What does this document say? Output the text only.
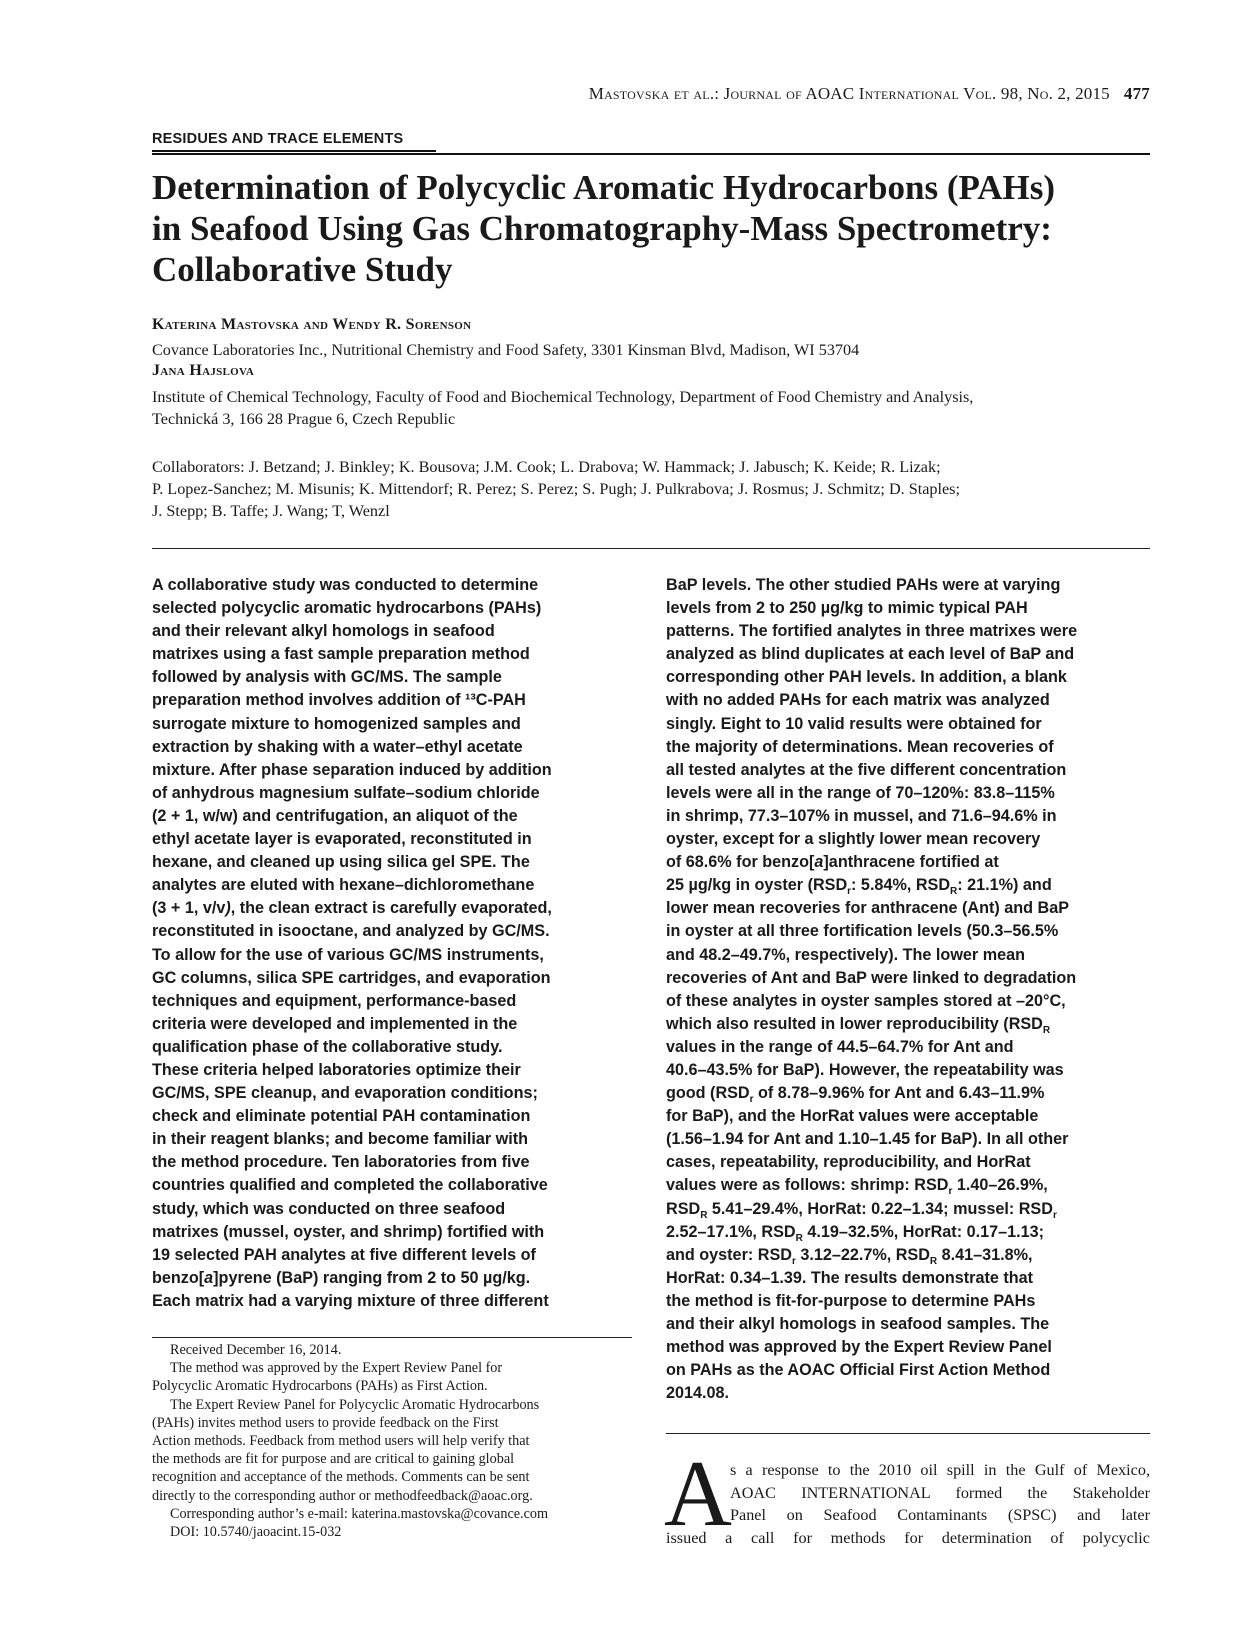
Mastovska et al.: Journal of AOAC International Vol. 98, No. 2, 2015 477
RESIDUES AND TRACE ELEMENTS
Determination of Polycyclic Aromatic Hydrocarbons (PAHs)
in Seafood Using Gas Chromatography-Mass Spectrometry:
Collaborative Study
Katerina Mastovska and Wendy R. Sorenson
Covance Laboratories Inc., Nutritional Chemistry and Food Safety, 3301 Kinsman Blvd, Madison, WI 53704
Jana Hajslova
Institute of Chemical Technology, Faculty of Food and Biochemical Technology, Department of Food Chemistry and Analysis,
Technická 3, 166 28 Prague 6, Czech Republic
Collaborators: J. Betzand; J. Binkley; K. Bousova; J.M. Cook; L. Drabova; W. Hammack; J. Jabusch; K. Keide; R. Lizak;
P. Lopez-Sanchez; M. Misunis; K. Mittendorf; R. Perez; S. Perez; S. Pugh; J. Pulkrabova; J. Rosmus; J. Schmitz; D. Staples;
J. Stepp; B. Taffe; J. Wang; T, Wenzl
A collaborative study was conducted to determine
selected polycyclic aromatic hydrocarbons (PAHs)
and their relevant alkyl homologs in seafood
matrixes using a fast sample preparation method
followed by analysis with GC/MS. The sample
preparation method involves addition of ¹³C-PAH
surrogate mixture to homogenized samples and
extraction by shaking with a water–ethyl acetate
mixture. After phase separation induced by addition
of anhydrous magnesium sulfate–sodium chloride
(2 + 1, w/w) and centrifugation, an aliquot of the
ethyl acetate layer is evaporated, reconstituted in
hexane, and cleaned up using silica gel SPE. The
analytes are eluted with hexane–dichloromethane
(3 + 1, v/v), the clean extract is carefully evaporated,
reconstituted in isooctane, and analyzed by GC/MS.
To allow for the use of various GC/MS instruments,
GC columns, silica SPE cartridges, and evaporation
techniques and equipment, performance-based
criteria were developed and implemented in the
qualification phase of the collaborative study.
These criteria helped laboratories optimize their
GC/MS, SPE cleanup, and evaporation conditions;
check and eliminate potential PAH contamination
in their reagent blanks; and become familiar with
the method procedure. Ten laboratories from five
countries qualified and completed the collaborative
study, which was conducted on three seafood
matrixes (mussel, oyster, and shrimp) fortified with
19 selected PAH analytes at five different levels of
benzo[a]pyrene (BaP) ranging from 2 to 50 µg/kg.
Each matrix had a varying mixture of three different
BaP levels. The other studied PAHs were at varying
levels from 2 to 250 µg/kg to mimic typical PAH
patterns. The fortified analytes in three matrixes were
analyzed as blind duplicates at each level of BaP and
corresponding other PAH levels. In addition, a blank
with no added PAHs for each matrix was analyzed
singly. Eight to 10 valid results were obtained for
the majority of determinations. Mean recoveries of
all tested analytes at the five different concentration
levels were all in the range of 70–120%: 83.8–115%
in shrimp, 77.3–107% in mussel, and 71.6–94.6% in
oyster, except for a slightly lower mean recovery
of 68.6% for benzo[a]anthracene fortified at
25 µg/kg in oyster ($RSD_r$: 5.84%, $RSD_R$: 21.1%) and
lower mean recoveries for anthracene (Ant) and BaP
in oyster at all three fortification levels (50.3–56.5%
and 48.2–49.7%, respectively). The lower mean
recoveries of Ant and BaP were linked to degradation
of these analytes in oyster samples stored at –20°C,
which also resulted in lower reproducibility ($RSD_R$
values in the range of 44.5–64.7% for Ant and
40.6–43.5% for BaP). However, the repeatability was
good ($RSD_r$ of 8.78–9.96% for Ant and 6.43–11.9%
for BaP), and the HorRat values were acceptable
(1.56–1.94 for Ant and 1.10–1.45 for BaP). In all other
cases, repeatability, reproducibility, and HorRat
values were as follows: shrimp: $RSD_r$ 1.40–26.9%,
$RSD_R$ 5.41–29.4%, HorRat: 0.22–1.34; mussel: $RSD_r$
2.52–17.1%, $RSD_R$ 4.19–32.5%, HorRat: 0.17–1.13;
and oyster: $RSD_r$ 3.12–22.7%, $RSD_R$ 8.41–31.8%,
HorRat: 0.34–1.39. The results demonstrate that
the method is fit-for-purpose to determine PAHs
and their alkyl homologs in seafood samples. The
method was approved by the Expert Review Panel
on PAHs as the AOAC Official First Action Method
2014.08.
Received December 16, 2014.
The method was approved by the Expert Review Panel for
Polycyclic Aromatic Hydrocarbons (PAHs) as First Action.
The Expert Review Panel for Polycyclic Aromatic Hydrocarbons
(PAHs) invites method users to provide feedback on the First
Action methods. Feedback from method users will help verify that
the methods are fit for purpose and are critical to gaining global
recognition and acceptance of the methods. Comments can be sent
directly to the corresponding author or methodfeedback@aoac.org.
Corresponding author’s e-mail: katerina.mastovska@covance.com
DOI: 10.5740/jaoacint.15-032	A
s a response to the 2010 oil spill in the Gulf of Mexico,
AOAC INTERNATIONAL formed the Stakeholder
Panel on Seafood Contaminants (SPSC) and later
issued a call for methods for determination of polycyclic
